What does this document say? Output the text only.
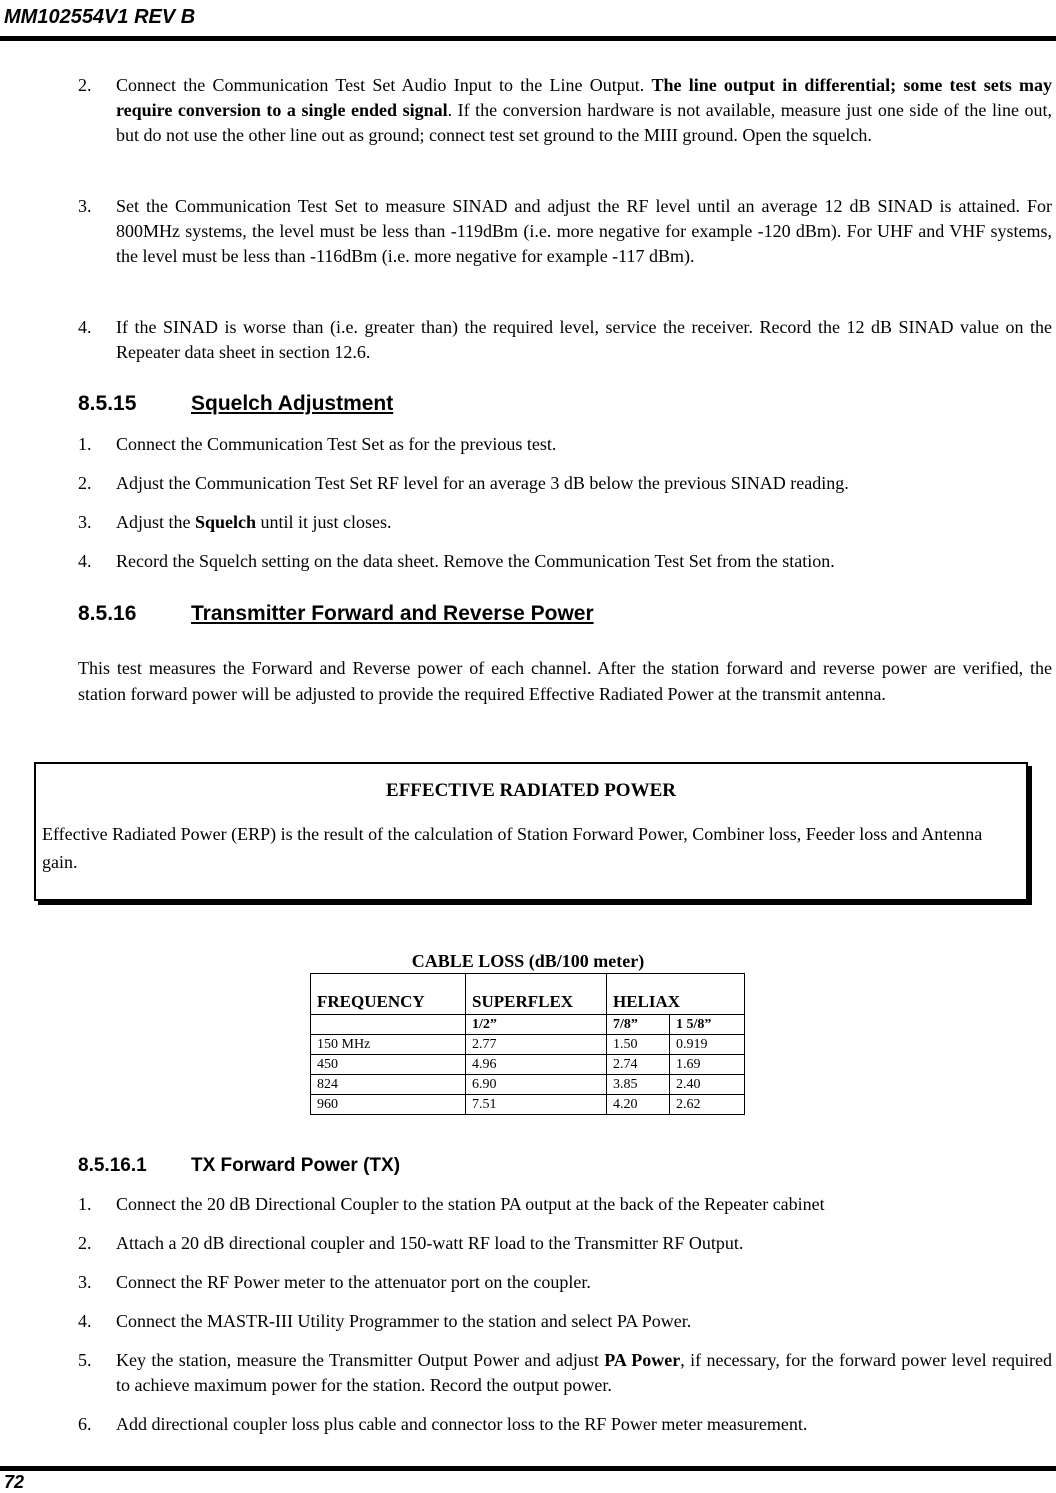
MM102554V1 REV B
2. Connect the Communication Test Set Audio Input to the Line Output. The line output in differential; some test sets may require conversion to a single ended signal. If the conversion hardware is not available, measure just one side of the line out, but do not use the other line out as ground; connect test set ground to the MIII ground. Open the squelch.
3. Set the Communication Test Set to measure SINAD and adjust the RF level until an average 12 dB SINAD is attained. For 800MHz systems, the level must be less than -119dBm (i.e. more negative for example -120 dBm). For UHF and VHF systems, the level must be less than -116dBm (i.e. more negative for example -117 dBm).
4. If the SINAD is worse than (i.e. greater than) the required level, service the receiver. Record the 12 dB SINAD value on the Repeater data sheet in section 12.6.
8.5.15	Squelch Adjustment
1. Connect the Communication Test Set as for the previous test.
2. Adjust the Communication Test Set RF level for an average 3 dB below the previous SINAD reading.
3. Adjust the Squelch until it just closes.
4. Record the Squelch setting on the data sheet. Remove the Communication Test Set from the station.
8.5.16	Transmitter Forward and Reverse Power
This test measures the Forward and Reverse power of each channel. After the station forward and reverse power are verified, the station forward power will be adjusted to provide the required Effective Radiated Power at the transmit antenna.
EFFECTIVE RADIATED POWER
Effective Radiated Power (ERP) is the result of the calculation of Station Forward Power, Combiner loss, Feeder loss and Antenna gain.
CABLE LOSS (dB/100 meter)
FREQUENCY	SUPERFLEX	HELIAX	
	1/2”	7/8”	1 5/8”
150 MHz	2.77	1.50	0.919
450	4.96	2.74	1.69
824	6.90	3.85	2.40
960	7.51	4.20	2.62
8.5.16.1 TX Forward Power (TX)
1. Connect the 20 dB Directional Coupler to the station PA output at the back of the Repeater cabinet
2. Attach a 20 dB directional coupler and 150-watt RF load to the Transmitter RF Output.
3. Connect the RF Power meter to the attenuator port on the coupler.
4. Connect the MASTR-III Utility Programmer to the station and select PA Power.
5. Key the station, measure the Transmitter Output Power and adjust PA Power, if necessary, for the forward power level required to achieve maximum power for the station. Record the output power.
6. Add directional coupler loss plus cable and connector loss to the RF Power meter measurement.
72
